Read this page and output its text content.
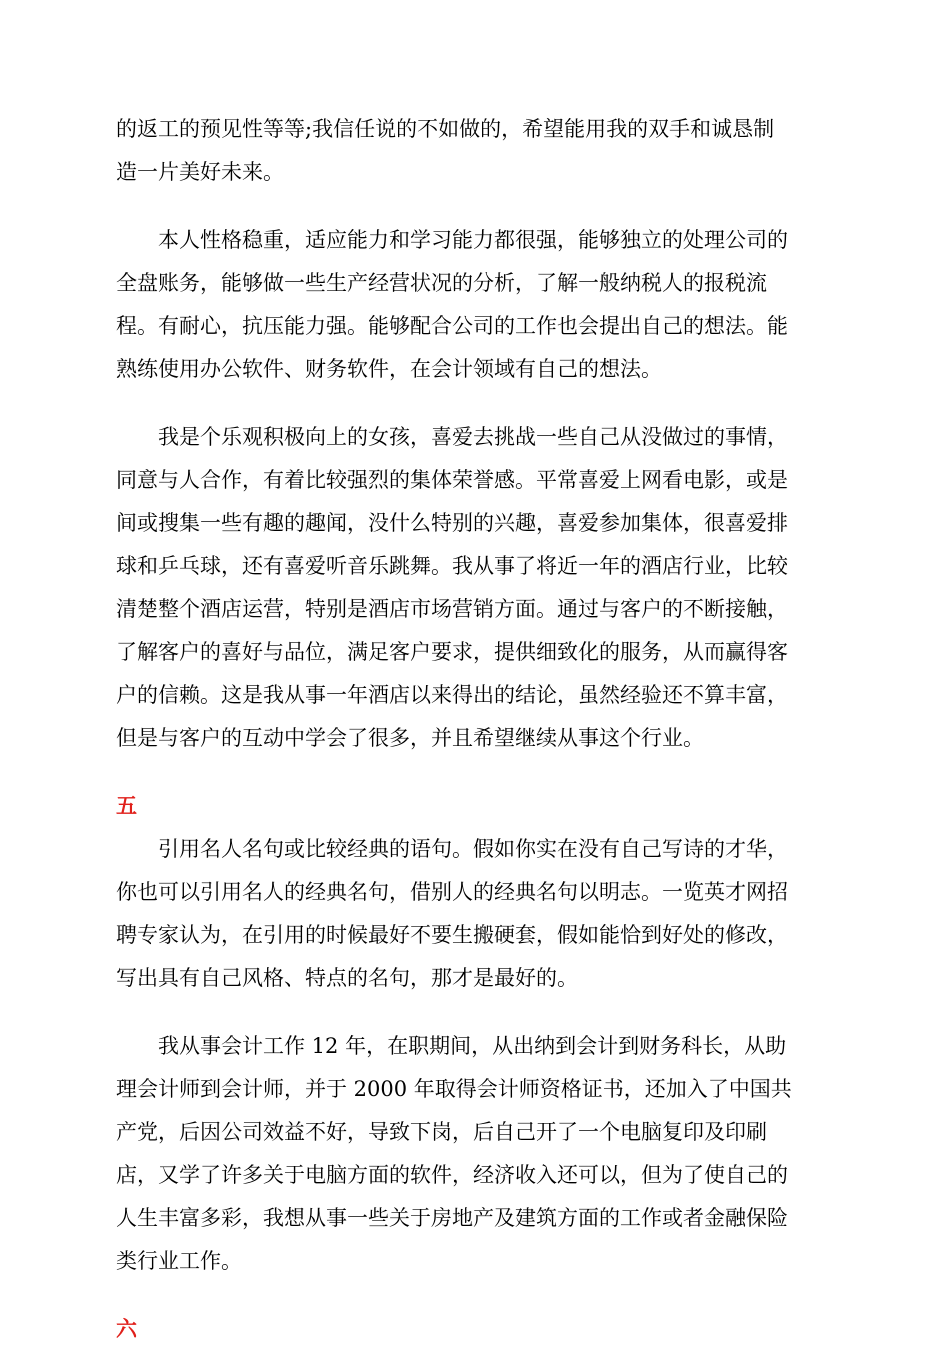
的返工的预见性等等;我信任说的不如做的，希望能用我的双手和诚恳制
造一片美好未来。

本人性格稳重，适应能力和学习能力都很强，能够独立的处理公司的
全盘账务，能够做一些生产经营状况的分析，了解一般纳税人的报税流
程。有耐心，抗压能力强。能够配合公司的工作也会提出自己的想法。能
熟练使用办公软件、财务软件，在会计领域有自己的想法。

我是个乐观积极向上的女孩，喜爱去挑战一些自己从没做过的事情，
同意与人合作，有着比较强烈的集体荣誉感。平常喜爱上网看电影，或是
间或搜集一些有趣的趣闻，没什么特别的兴趣，喜爱参加集体，很喜爱排
球和乒乓球，还有喜爱听音乐跳舞。我从事了将近一年的酒店行业，比较
清楚整个酒店运营，特别是酒店市场营销方面。通过与客户的不断接触，
了解客户的喜好与品位，满足客户要求，提供细致化的服务，从而赢得客
户的信赖。这是我从事一年酒店以来得出的结论，虽然经验还不算丰富，
但是与客户的互动中学会了很多，并且希望继续从事这个行业。

五

引用名人名句或比较经典的语句。假如你实在没有自己写诗的才华，
你也可以引用名人的经典名句，借别人的经典名句以明志。一览英才网招
聘专家认为，在引用的时候最好不要生搬硬套，假如能恰到好处的修改，
写出具有自己风格、特点的名句，那才是最好的。

我从事会计工作 12 年，在职期间，从出纳到会计到财务科长，从助
理会计师到会计师，并于 2000 年取得会计师资格证书，还加入了中国共
产党，后因公司效益不好，导致下岗，后自己开了一个电脑复印及印刷
店，又学了许多关于电脑方面的软件，经济收入还可以，但为了使自己的
人生丰富多彩，我想从事一些关于房地产及建筑方面的工作或者金融保险
类行业工作。

六
